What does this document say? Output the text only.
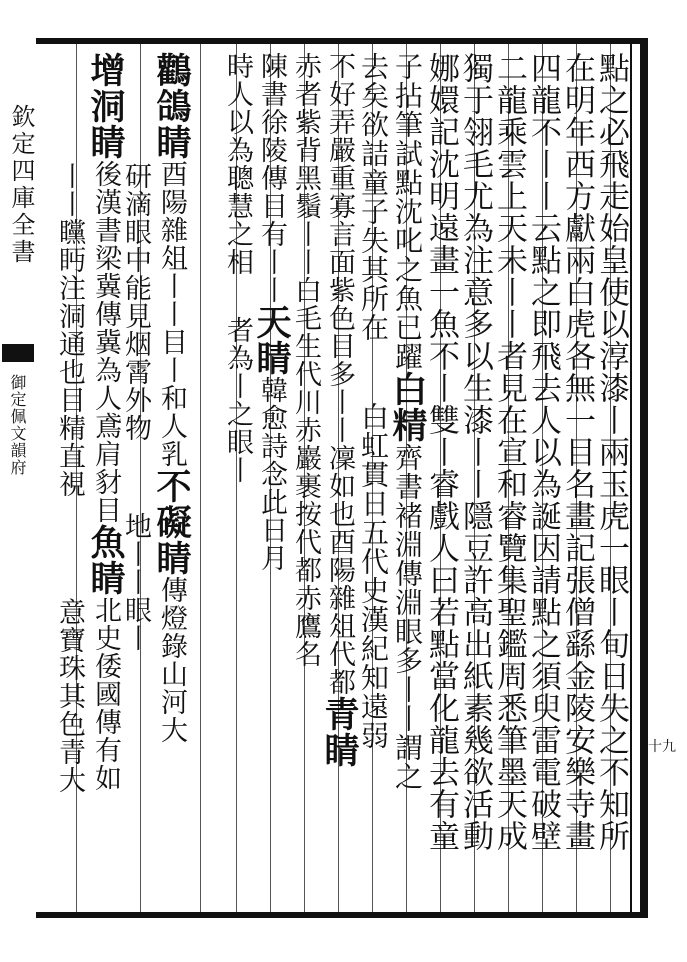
欽定四庫全書
御定佩文韻府
十九
點之必飛走始皇使以淳漆丨兩玉虎一眼丨旬日失之不知所
在明年西方獻兩白虎各無一目名畫記張僧繇金陵安樂寺畫
四龍不丨丨云點之即飛去人以為誕因請點之須臾雷電破壁
二龍乘雲上天未丨丨者見在宣和睿覽集聖鑑周悉筆墨天成
獨于翎毛尤為注意多以生漆丨丨隱豆許高出紙素幾欲活動
娜嬛記沈明遠畫一魚不丨雙丨睿戲人曰若點當化龍去有童
子拈筆試點沈叱之魚已躍白精齊書褚淵傳淵眼多丨丨謂之
去矣欲詰童子失其所在白虹貫日五代史漢紀知遠弱
不好弄嚴重寡言面紫色目多丨丨凜如也酉陽雜俎代都青睛
赤者紫背黑鬚丨丨白毛生代川赤巖裹按代都赤鷹名
陳書徐陵傳目有丨丨天睛韓愈詩念此日月
時人以為聰慧之相者為丨之眼丨
鸛鴿睛酉陽雜俎丨丨目丨和人乳不礙睛傳燈錄山河大
研滴眼中能見烟霄外物地丨丨眼丨
增洞睛後漢書梁冀傳冀為人鳶肩豺目魚睛北史倭國傳有如
丨丨矘眄注洞通也目精直視意寶珠其色青大
